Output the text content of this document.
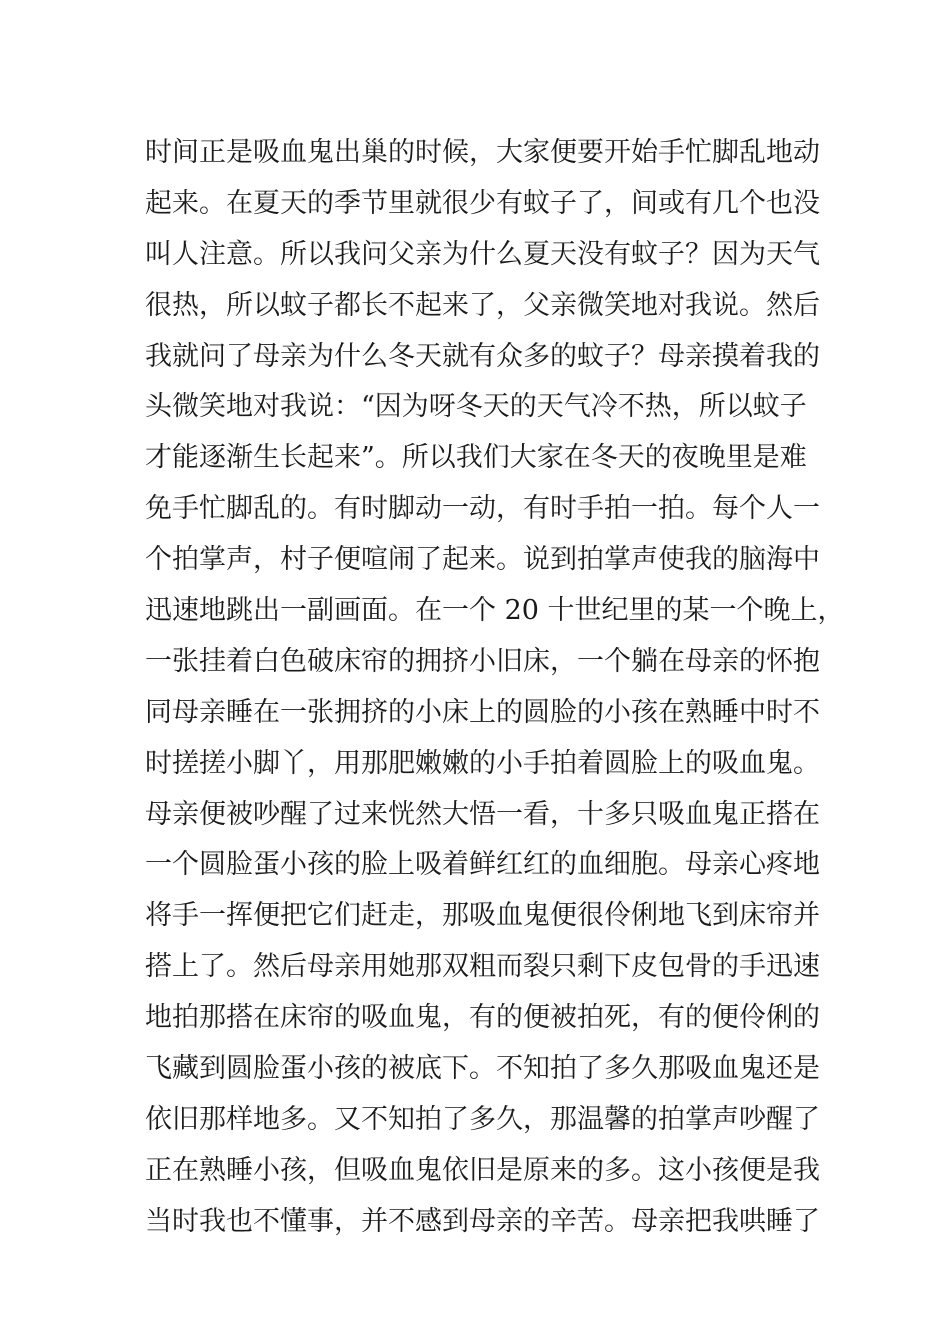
时间正是吸血鬼出巢的时候，大家便要开始手忙脚乱地动
起来。在夏天的季节里就很少有蚊子了，间或有几个也没
叫人注意。所以我问父亲为什么夏天没有蚊子？因为天气
很热，所以蚊子都长不起来了，父亲微笑地对我说。然后
我就问了母亲为什么冬天就有众多的蚊子？母亲摸着我的
头微笑地对我说：“因为呀冬天的天气冷不热，所以蚊子
才能逐渐生长起来”。所以我们大家在冬天的夜晚里是难
免手忙脚乱的。有时脚动一动，有时手拍一拍。每个人一
个拍掌声，村子便喧闹了起来。说到拍掌声使我的脑海中
迅速地跳出一副画面。在一个 20 十世纪里的某一个晚上，
一张挂着白色破床帘的拥挤小旧床，一个躺在母亲的怀抱
同母亲睡在一张拥挤的小床上的圆脸的小孩在熟睡中时不
时搓搓小脚丫，用那肥嫩嫩的小手拍着圆脸上的吸血鬼。
母亲便被吵醒了过来恍然大悟一看，十多只吸血鬼正搭在
一个圆脸蛋小孩的脸上吸着鲜红红的血细胞。母亲心疼地
将手一挥便把它们赶走，那吸血鬼便很伶俐地飞到床帘并
搭上了。然后母亲用她那双粗而裂只剩下皮包骨的手迅速
地拍那搭在床帘的吸血鬼，有的便被拍死，有的便伶俐的
飞藏到圆脸蛋小孩的被底下。不知拍了多久那吸血鬼还是
依旧那样地多。又不知拍了多久，那温馨的拍掌声吵醒了
正在熟睡小孩，但吸血鬼依旧是原来的多。这小孩便是我
当时我也不懂事，并不感到母亲的辛苦。母亲把我哄睡了
